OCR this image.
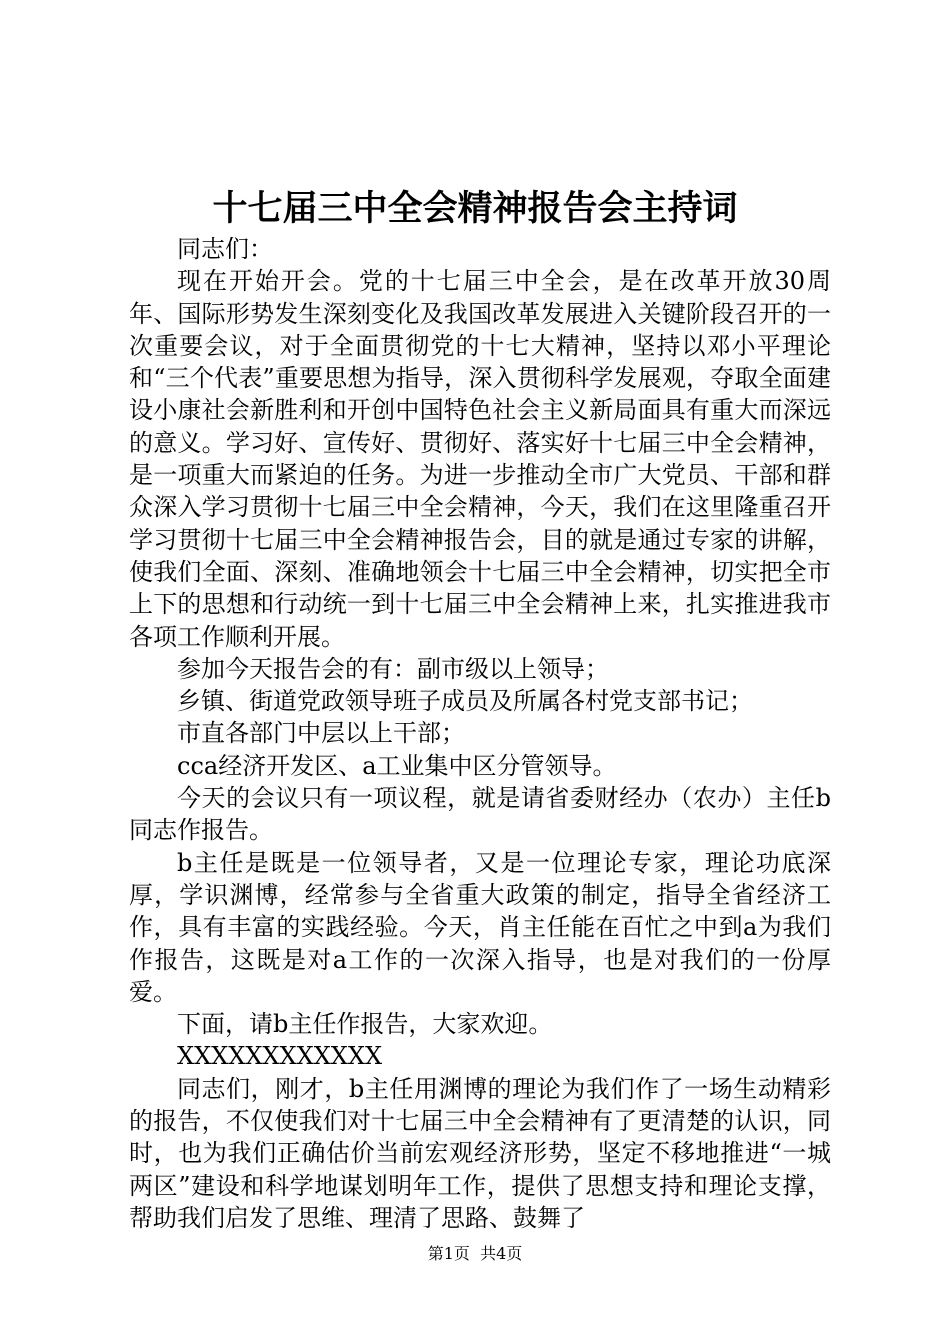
十七届三中全会精神报告会主持词

同志们：

现在开始开会。党的十七届三中全会，是在改革开放30周年、国际形势发生深刻变化及我国改革发展进入关键阶段召开的一次重要会议，对于全面贯彻党的十七大精神，坚持以邓小平理论和“三个代表”重要思想为指导，深入贯彻科学发展观，夺取全面建设小康社会新胜利和开创中国特色社会主义新局面具有重大而深远的意义。学习好、宣传好、贯彻好、落实好十七届三中全会精神，是一项重大而紧迫的任务。为进一步推动全市广大党员、干部和群众深入学习贯彻十七届三中全会精神，今天，我们在这里隆重召开学习贯彻十七届三中全会精神报告会，目的就是通过专家的讲解，使我们全面、深刻、准确地领会十七届三中全会精神，切实把全市上下的思想和行动统一到十七届三中全会精神上来，扎实推进我市各项工作顺利开展。

参加今天报告会的有：副市级以上领导；

乡镇、街道党政领导班子成员及所属各村党支部书记；

市直各部门中层以上干部；

cca经济开发区、a工业集中区分管领导。

今天的会议只有一项议程，就是请省委财经办（农办）主任b同志作报告。

b主任是既是一位领导者，又是一位理论专家，理论功底深厚，学识渊博，经常参与全省重大政策的制定，指导全省经济工作，具有丰富的实践经验。今天，肖主任能在百忙之中到a为我们作报告，这既是对a工作的一次深入指导，也是对我们的一份厚爱。

下面，请b主任作报告，大家欢迎。

XXXXXXXXXXXX

同志们，刚才，b主任用渊博的理论为我们作了一场生动精彩的报告，不仅使我们对十七届三中全会精神有了更清楚的认识，同时，也为我们正确估价当前宏观经济形势，坚定不移地推进“一城两区”建设和科学地谋划明年工作，提供了思想支持和理论支撑，帮助我们启发了思维、理清了思路、鼓舞了

第1页  共4页
